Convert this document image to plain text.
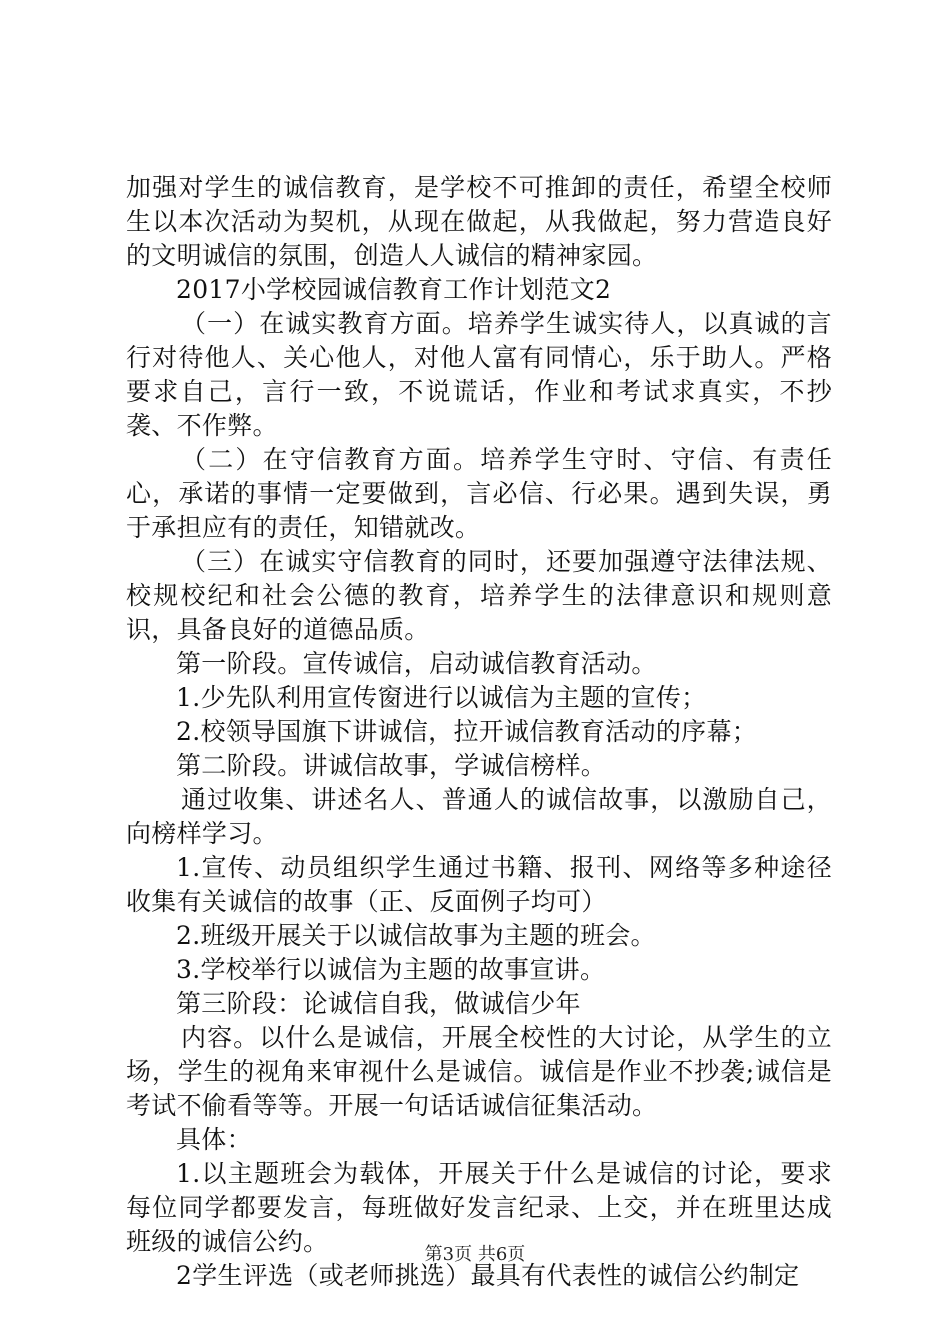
加强对学生的诚信教育，是学校不可推卸的责任，希望全校师生以本次活动为契机，从现在做起，从我做起，努力营造良好的文明诚信的氛围，创造人人诚信的精神家园。

2017小学校园诚信教育工作计划范文2

（一）在诚实教育方面。培养学生诚实待人，以真诚的言行对待他人、关心他人，对他人富有同情心，乐于助人。严格要求自己，言行一致，不说谎话，作业和考试求真实，不抄袭、不作弊。

（二）在守信教育方面。培养学生守时、守信、有责任心，承诺的事情一定要做到，言必信、行必果。遇到失误，勇于承担应有的责任，知错就改。

（三）在诚实守信教育的同时，还要加强遵守法律法规、校规校纪和社会公德的教育，培养学生的法律意识和规则意识，具备良好的道德品质。

第一阶段。宣传诚信，启动诚信教育活动。

1.少先队利用宣传窗进行以诚信为主题的宣传；

2.校领导国旗下讲诚信，拉开诚信教育活动的序幕；

第二阶段。讲诚信故事，学诚信榜样。

通过收集、讲述名人、普通人的诚信故事，以激励自己，向榜样学习。

1.宣传、动员组织学生通过书籍、报刊、网络等多种途径收集有关诚信的故事（正、反面例子均可）

2.班级开展关于以诚信故事为主题的班会。

3.学校举行以诚信为主题的故事宣讲。

第三阶段：论诚信自我，做诚信少年

内容。以什么是诚信，开展全校性的大讨论，从学生的立场，学生的视角来审视什么是诚信。诚信是作业不抄袭;诚信是考试不偷看等等。开展一句话话诚信征集活动。

具体：

1.以主题班会为载体，开展关于什么是诚信的讨论，要求每位同学都要发言，每班做好发言纪录、上交，并在班里达成班级的诚信公约。

2学生评选（或老师挑选）最具有代表性的诚信公约制定

第3页 共6页
